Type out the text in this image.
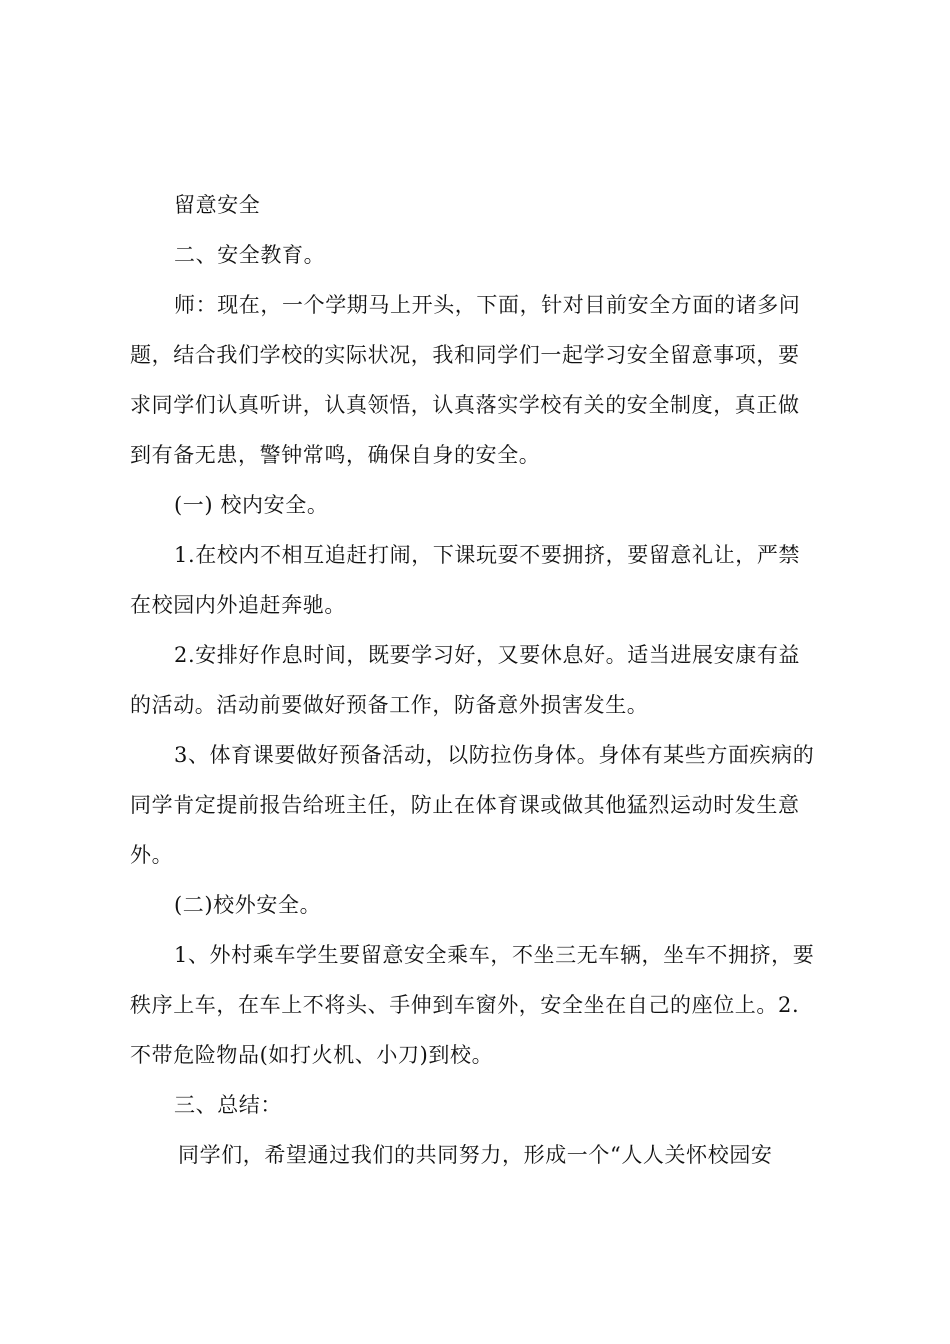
留意安全
二、安全教育。
师：现在，一个学期马上开头，下面，针对目前安全方面的诸多问
题，结合我们学校的实际状况，我和同学们一起学习安全留意事项，要
求同学们认真听讲，认真领悟，认真落实学校有关的安全制度，真正做
到有备无患，警钟常鸣，确保自身的安全。
(一) 校内安全。
1.在校内不相互追赶打闹，下课玩耍不要拥挤，要留意礼让，严禁
在校园内外追赶奔驰。
2.安排好作息时间，既要学习好，又要休息好。适当进展安康有益
的活动。活动前要做好预备工作，防备意外损害发生。
3、体育课要做好预备活动，以防拉伤身体。身体有某些方面疾病的
同学肯定提前报告给班主任，防止在体育课或做其他猛烈运动时发生意
外。
(二)校外安全。
1、外村乘车学生要留意安全乘车，不坐三无车辆，坐车不拥挤，要
秩序上车，在车上不将头、手伸到车窗外，安全坐在自己的座位上。2.
不带危险物品(如打火机、小刀)到校。
三、总结：
同学们，希望通过我们的共同努力，形成一个“人人关怀校园安
